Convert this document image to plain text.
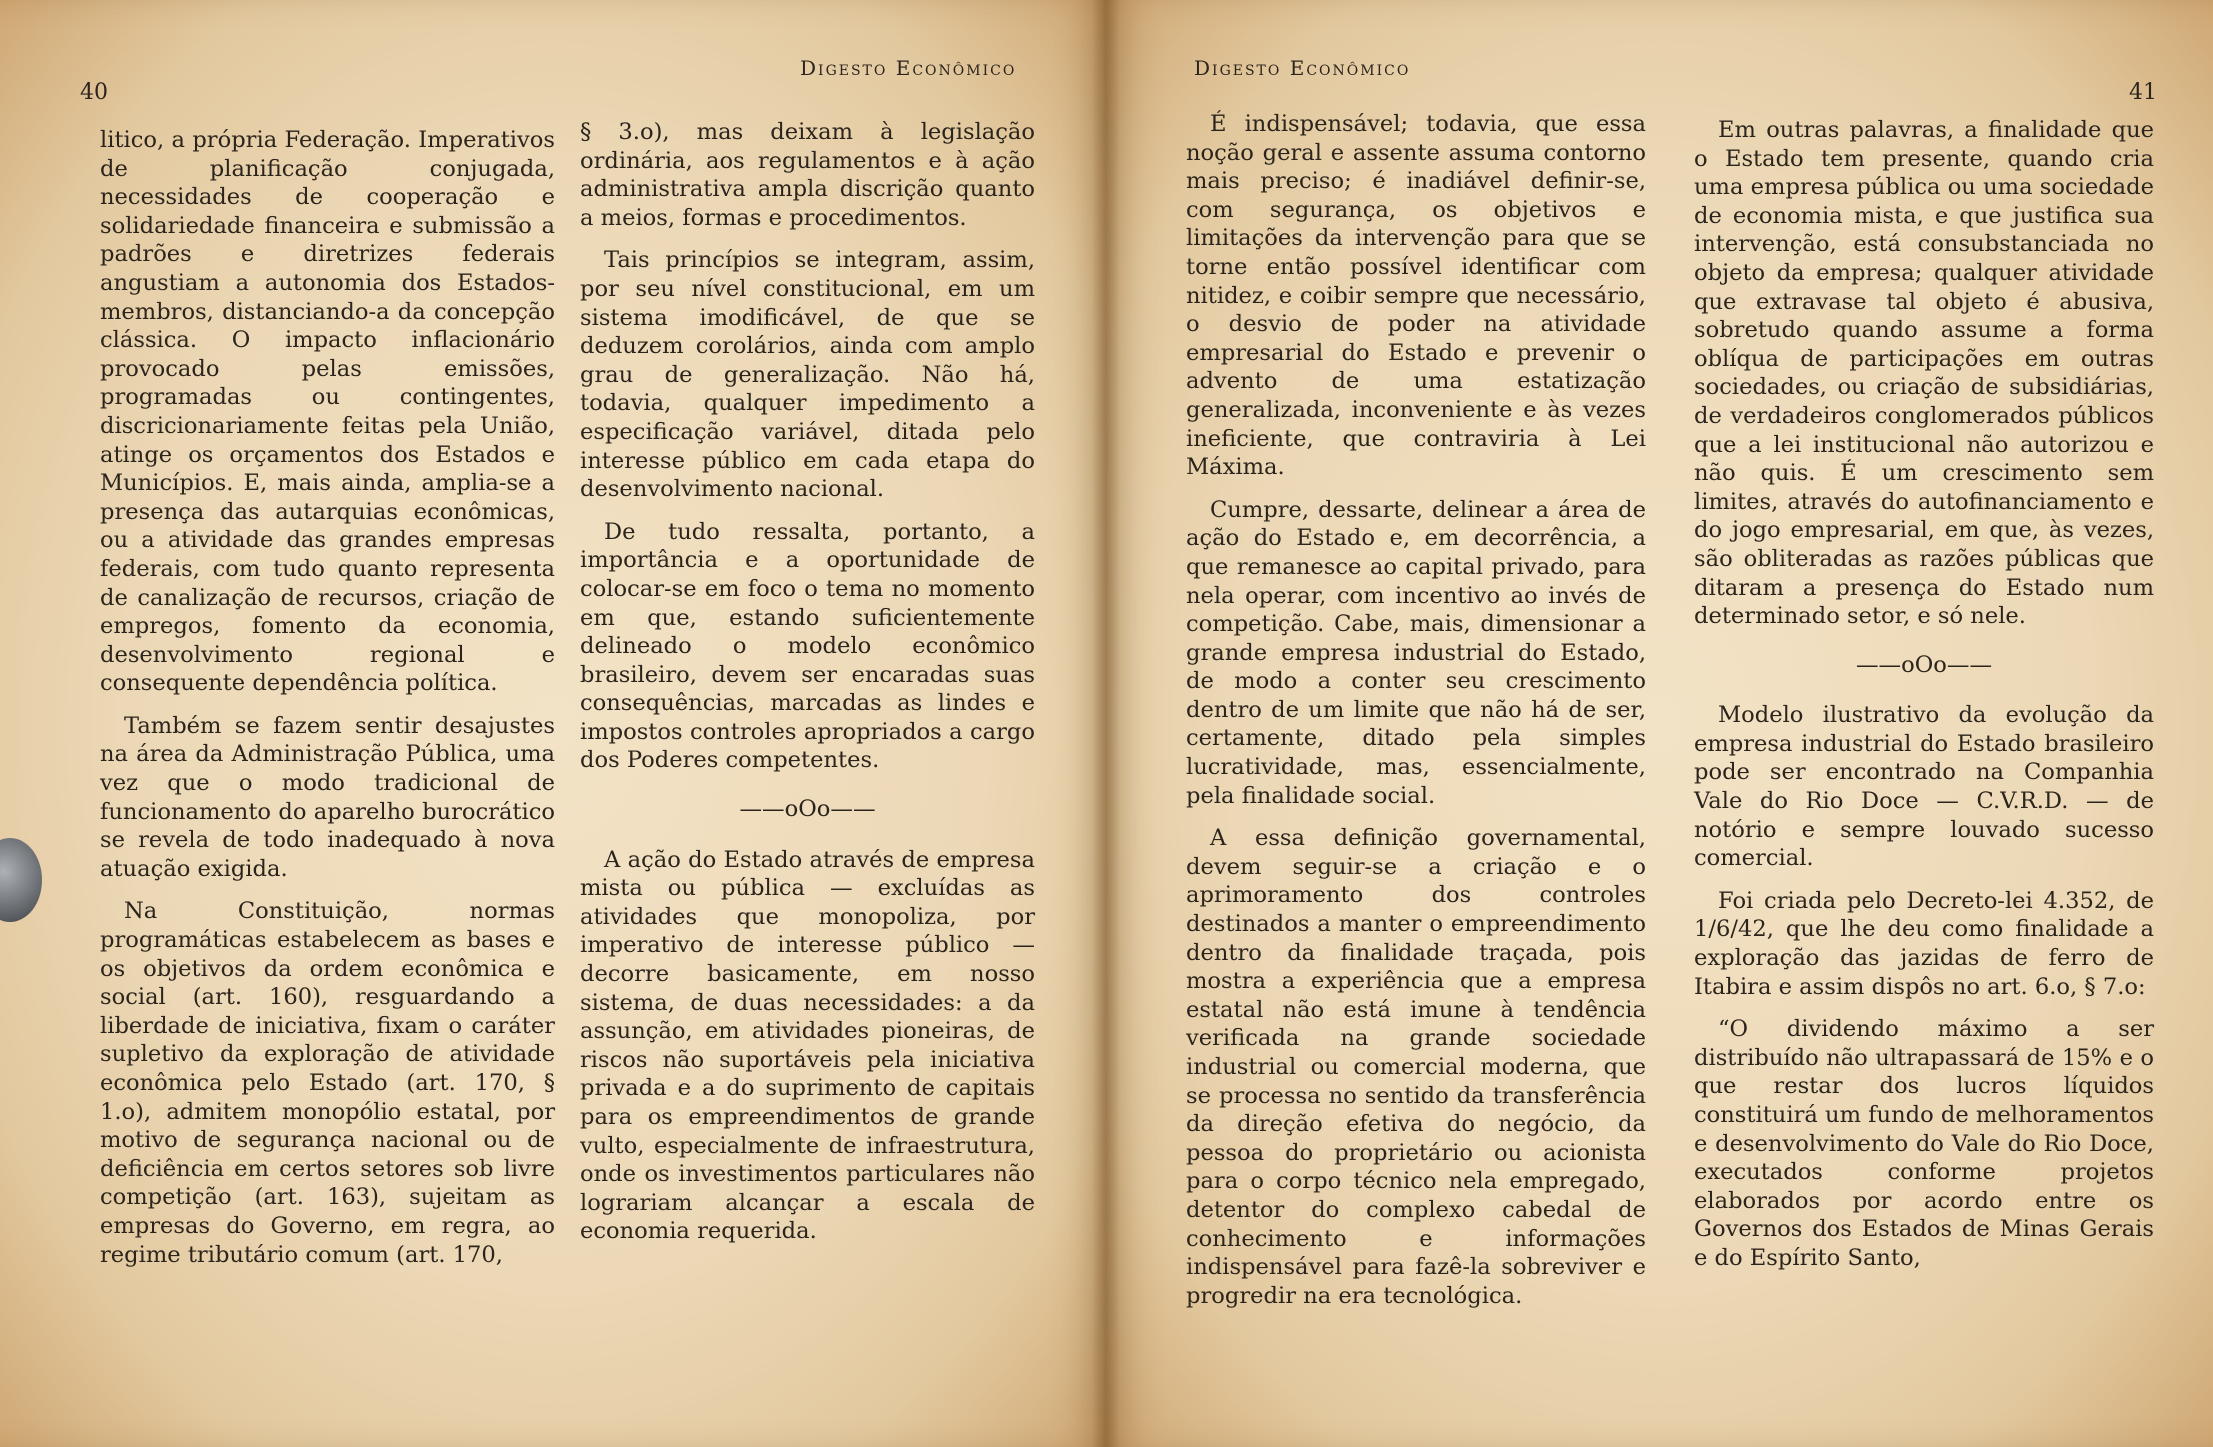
40
Digesto Econômico

litico, a própria Federação. Imperativos de planificação conjugada, necessidades de cooperação e solidariedade financeira e submissão a padrões e diretrizes federais angustiam a autonomia dos Estados-membros, distanciando-a da concepção clássica. O impacto inflacionário provocado pelas emissões, programadas ou contingentes, discricionariamente feitas pela União, atinge os orçamentos dos Estados e Municípios. E, mais ainda, amplia-se a presença das autarquias econômicas, ou a atividade das grandes empresas federais, com tudo quanto representa de canalização de recursos, criação de empregos, fomento da economia, desenvolvimento regional e consequente dependência política.

Também se fazem sentir desajustes na área da Administração Pública, uma vez que o modo tradicional de funcionamento do aparelho burocrático se revela de todo inadequado à nova atuação exigida.

Na Constituição, normas programáticas estabelecem as bases e os objetivos da ordem econômica e social (art. 160), resguardando a liberdade de iniciativa, fixam o caráter supletivo da exploração de atividade econômica pelo Estado (art. 170, § 1.o), admitem monopólio estatal, por motivo de segurança nacional ou de deficiência em certos setores sob livre competição (art. 163), sujeitam as empresas do Governo, em regra, ao regime tributário comum (art. 170,

§ 3.o), mas deixam à legislação ordinária, aos regulamentos e à ação administrativa ampla discrição quanto a meios, formas e procedimentos.

Tais princípios se integram, assim, por seu nível constitucional, em um sistema imodificável, de que se deduzem corolários, ainda com amplo grau de generalização. Não há, todavia, qualquer impedimento a especificação variável, ditada pelo interesse público em cada etapa do desenvolvimento nacional.

De tudo ressalta, portanto, a importância e a oportunidade de colocar-se em foco o tema no momento em que, estando suficientemente delineado o modelo econômico brasileiro, devem ser encaradas suas consequências, marcadas as lindes e impostos controles apropriados a cargo dos Poderes competentes.

——oOo——

A ação do Estado através de empresa mista ou pública — excluídas as atividades que monopoliza, por imperativo de interesse público — decorre basicamente, em nosso sistema, de duas necessidades: a da assunção, em atividades pioneiras, de riscos não suportáveis pela iniciativa privada e a do suprimento de capitais para os empreendimentos de grande vulto, especialmente de infraestrutura, onde os investimentos particulares não lograriam alcançar a escala de economia requerida.

41
Digesto Econômico

É indispensável; todavia, que essa noção geral e assente assuma contorno mais preciso; é inadiável definir-se, com segurança, os objetivos e limitações da intervenção para que se torne então possível identificar com nitidez, e coibir sempre que necessário, o desvio de poder na atividade empresarial do Estado e prevenir o advento de uma estatização generalizada, inconveniente e às vezes ineficiente, que contraviria à Lei Máxima.

Cumpre, dessarte, delinear a área de ação do Estado e, em decorrência, a que remanesce ao capital privado, para nela operar, com incentivo ao invés de competição. Cabe, mais, dimensionar a grande empresa industrial do Estado, de modo a conter seu crescimento dentro de um limite que não há de ser, certamente, ditado pela simples lucratividade, mas, essencialmente, pela finalidade social.

A essa definição governamental, devem seguir-se a criação e o aprimoramento dos controles destinados a manter o empreendimento dentro da finalidade traçada, pois mostra a experiência que a empresa estatal não está imune à tendência verificada na grande sociedade industrial ou comercial moderna, que se processa no sentido da transferência da direção efetiva do negócio, da pessoa do proprietário ou acionista para o corpo técnico nela empregado, detentor do complexo cabedal de conhecimento e informações indispensável para fazê-la sobreviver e progredir na era tecnológica.

Em outras palavras, a finalidade que o Estado tem presente, quando cria uma empresa pública ou uma sociedade de economia mista, e que justifica sua intervenção, está consubstanciada no objeto da empresa; qualquer atividade que extravase tal objeto é abusiva, sobretudo quando assume a forma oblíqua de participações em outras sociedades, ou criação de subsidiárias, de verdadeiros conglomerados públicos que a lei institucional não autorizou e não quis. É um crescimento sem limites, através do autofinanciamento e do jogo empresarial, em que, às vezes, são obliteradas as razões públicas que ditaram a presença do Estado num determinado setor, e só nele.

——oOo——

Modelo ilustrativo da evolução da empresa industrial do Estado brasileiro pode ser encontrado na Companhia Vale do Rio Doce — C.V.R.D. — de notório e sempre louvado sucesso comercial.

Foi criada pelo Decreto-lei 4.352, de 1/6/42, que lhe deu como finalidade a exploração das jazidas de ferro de Itabira e assim dispôs no art. 6.o, § 7.o:

“O dividendo máximo a ser distribuído não ultrapassará de 15% e o que restar dos lucros líquidos constituirá um fundo de melhoramentos e desenvolvimento do Vale do Rio Doce, executados conforme projetos elaborados por acordo entre os Governos dos Estados de Minas Gerais e do Espírito Santo,
